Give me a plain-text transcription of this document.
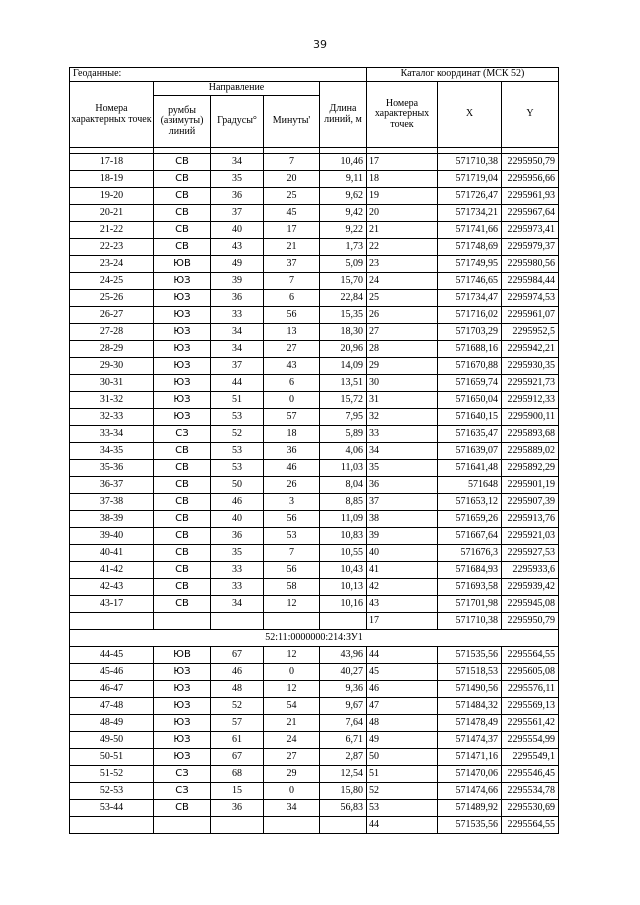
39
Геоданные:					Каталог координат (МСК 52)		
Номера характерных точек	Направление			Длина линий, м	Номера характерных точек	X	Y
	румбы (азимуты) линий	Градусы°	Минуты'				

17-18	СВ	34	7	10,46	17	571710,38	2295950,79
18-19	СВ	35	20	9,11	18	571719,04	2295956,66
19-20	СВ	36	25	9,62	19	571726,47	2295961,93
20-21	СВ	37	45	9,42	20	571734,21	2295967,64
21-22	СВ	40	17	9,22	21	571741,66	2295973,41
22-23	СВ	43	21	1,73	22	571748,69	2295979,37
23-24	ЮВ	49	37	5,09	23	571749,95	2295980,56
24-25	ЮЗ	39	7	15,70	24	571746,65	2295984,44
25-26	ЮЗ	36	6	22,84	25	571734,47	2295974,53
26-27	ЮЗ	33	56	15,35	26	571716,02	2295961,07
27-28	ЮЗ	34	13	18,30	27	571703,29	2295952,5
28-29	ЮЗ	34	27	20,96	28	571688,16	2295942,21
29-30	ЮЗ	37	43	14,09	29	571670,88	2295930,35
30-31	ЮЗ	44	6	13,51	30	571659,74	2295921,73
31-32	ЮЗ	51	0	15,72	31	571650,04	2295912,33
32-33	ЮЗ	53	57	7,95	32	571640,15	2295900,11
33-34	СЗ	52	18	5,89	33	571635,47	2295893,68
34-35	СВ	53	36	4,06	34	571639,07	2295889,02
35-36	СВ	53	46	11,03	35	571641,48	2295892,29
36-37	СВ	50	26	8,04	36	571648	2295901,19
37-38	СВ	46	3	8,85	37	571653,12	2295907,39
38-39	СВ	40	56	11,09	38	571659,26	2295913,76
39-40	СВ	36	53	10,83	39	571667,64	2295921,03
40-41	СВ	35	7	10,55	40	571676,3	2295927,53
41-42	СВ	33	56	10,43	41	571684,93	2295933,6
42-43	СВ	33	58	10,13	42	571693,58	2295939,42
43-17	СВ	34	12	10,16	43	571701,98	2295945,08
					17	571710,38	2295950,79
52:11:0000000:214:ЗУ1							
44-45	ЮВ	67	12	43,96	44	571535,56	2295564,55
45-46	ЮЗ	46	0	40,27	45	571518,53	2295605,08
46-47	ЮЗ	48	12	9,36	46	571490,56	2295576,11
47-48	ЮЗ	52	54	9,67	47	571484,32	2295569,13
48-49	ЮЗ	57	21	7,64	48	571478,49	2295561,42
49-50	ЮЗ	61	24	6,71	49	571474,37	2295554,99
50-51	ЮЗ	67	27	2,87	50	571471,16	2295549,1
51-52	СЗ	68	29	12,54	51	571470,06	2295546,45
52-53	СЗ	15	0	15,80	52	571474,66	2295534,78
53-44	СВ	36	34	56,83	53	571489,92	2295530,69
					44	571535,56	2295564,55
